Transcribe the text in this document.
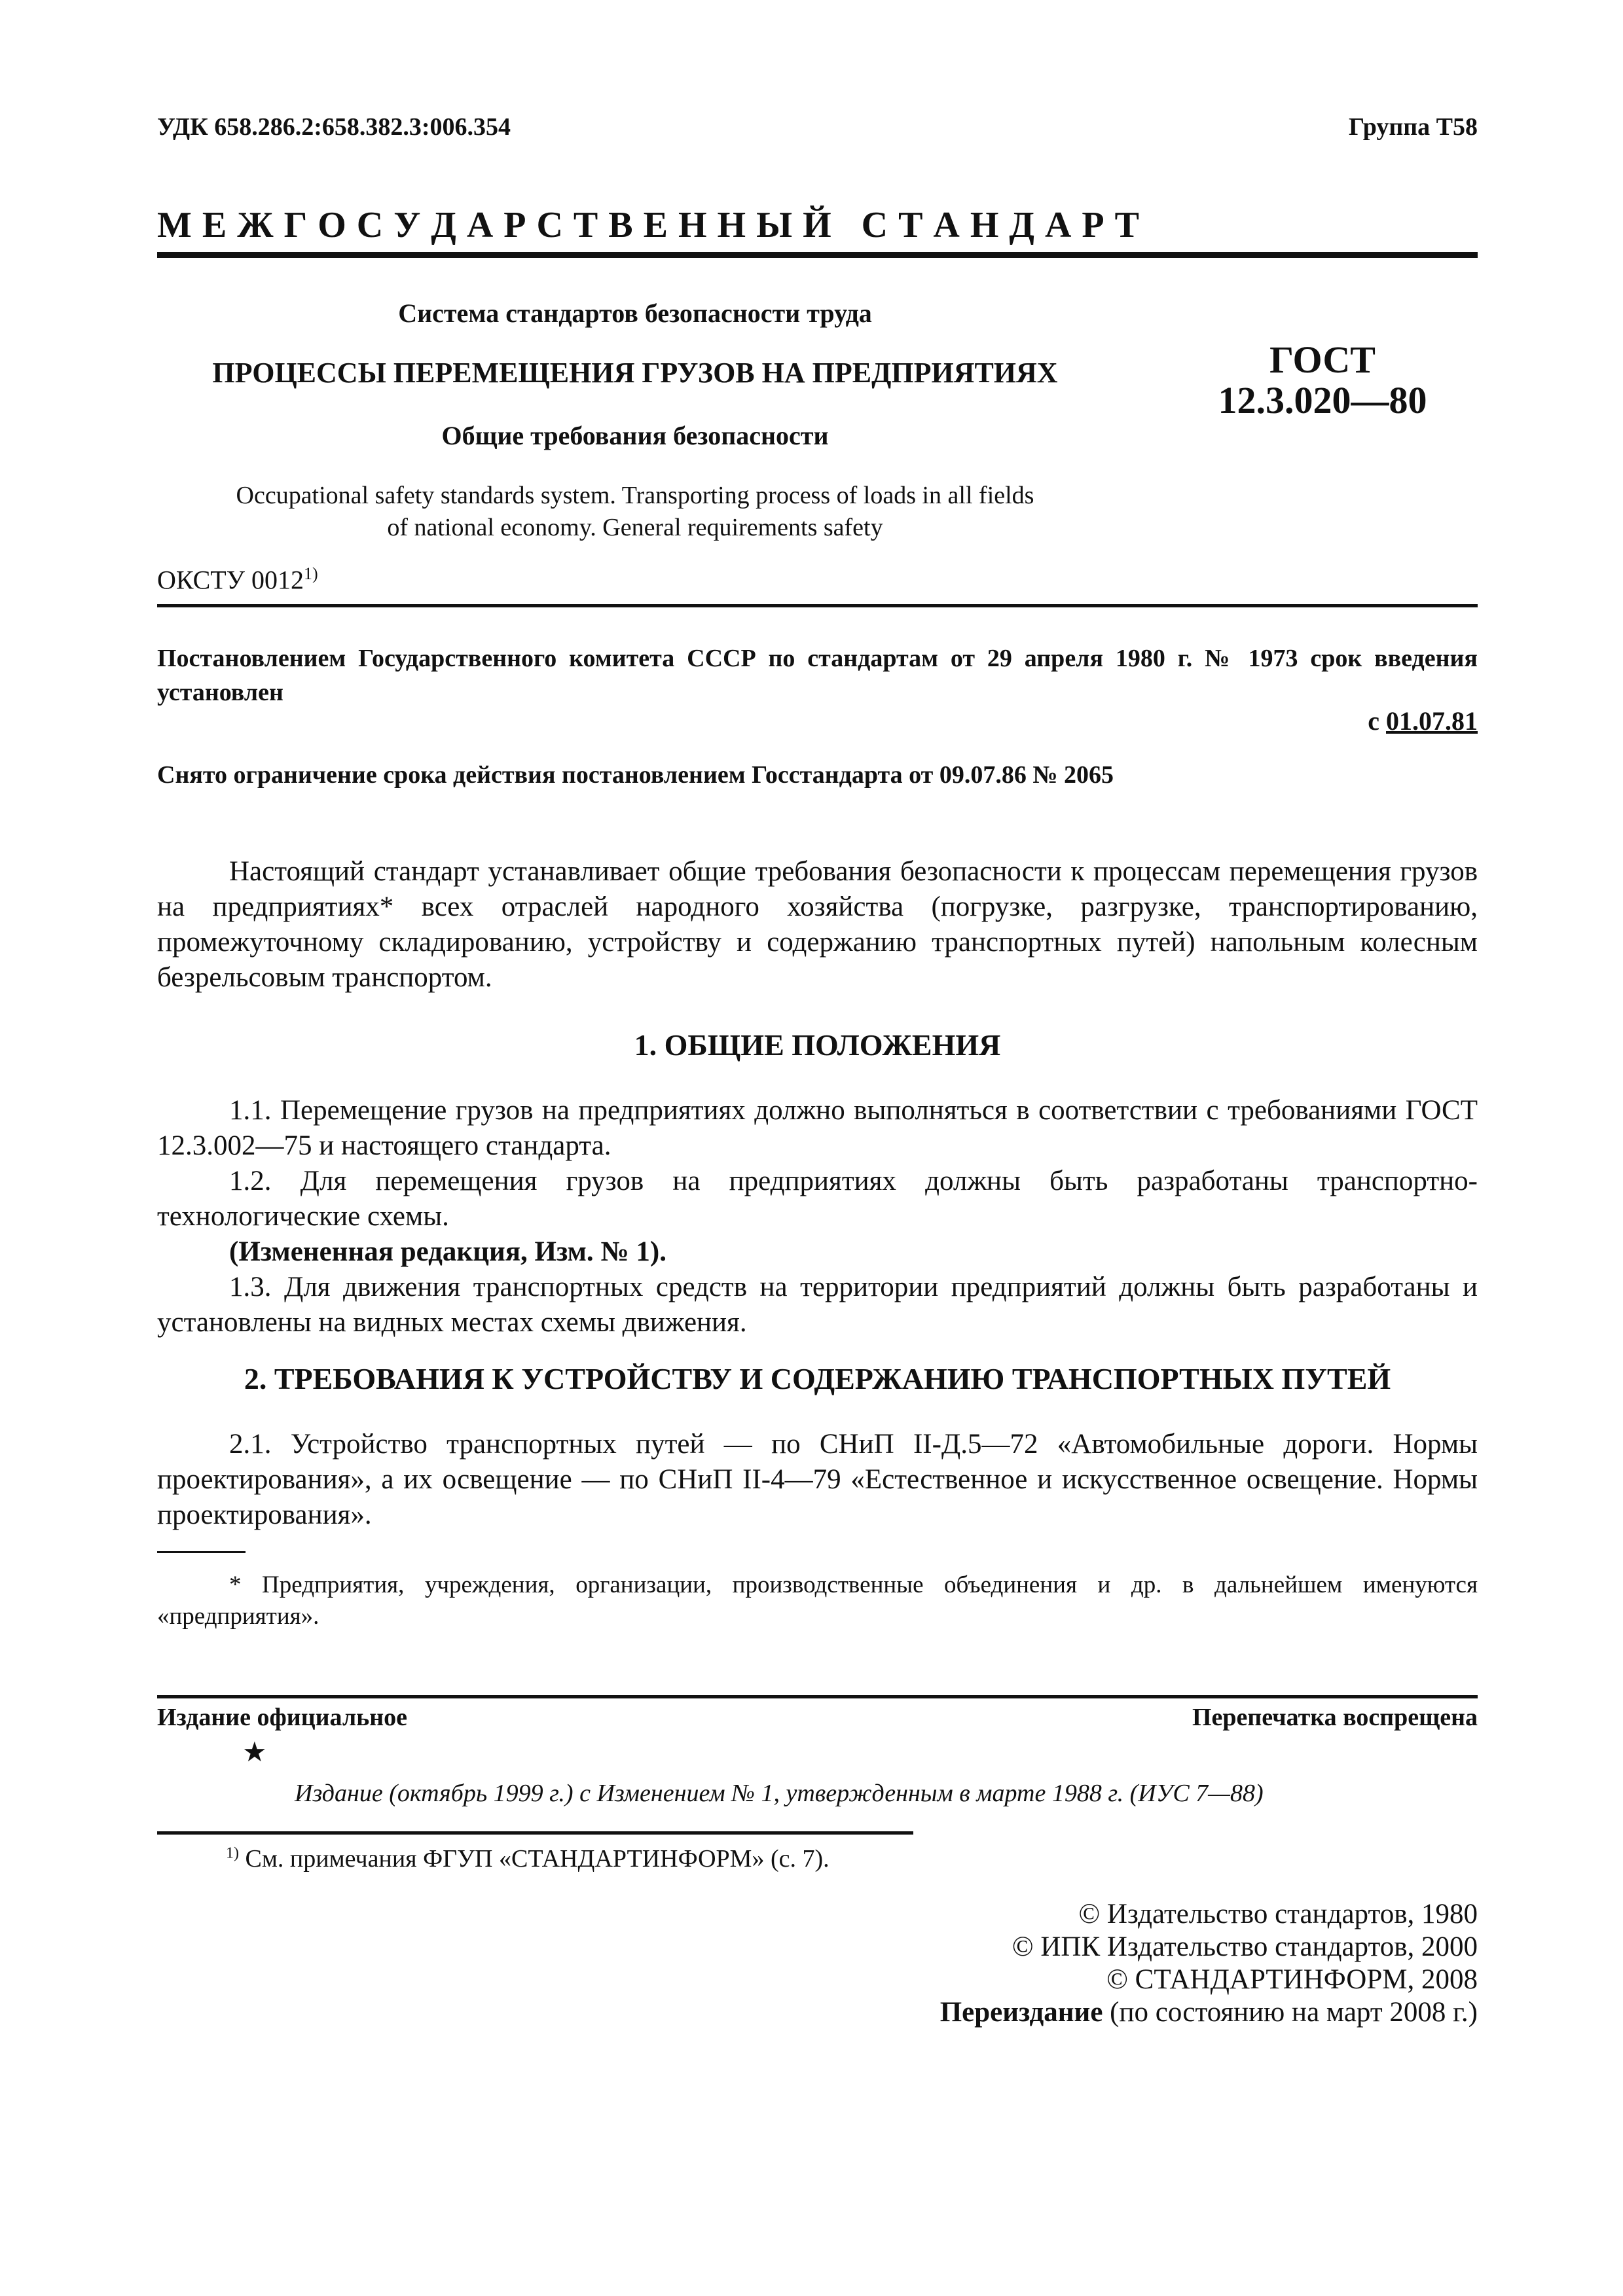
УДК 658.286.2:658.382.3:006.354	Группа Т58
М Е Ж Г О С У Д А Р С Т В Е Н Н Ы Й   С Т А Н Д А Р Т
Система стандартов безопасности труда
ПРОЦЕССЫ ПЕРЕМЕЩЕНИЯ ГРУЗОВ НА ПРЕДПРИЯТИЯХ
Общие требования безопасности
ГОСТ
12.3.020—80
Occupational safety standards system. Transporting process of loads in all fields
of national economy. General requirements safety
ОКСТУ 0012$^{1)}$
Постановлением Государственного комитета СССР по стандартам от 29 апреля 1980 г. № 1973 срок введения установлен
с 01.07.81
Снято ограничение срока действия постановлением Госстандарта от 09.07.86 № 2065
Настоящий стандарт устанавливает общие требования безопасности к процессам перемещения грузов на предприятиях* всех отраслей народного хозяйства (погрузке, разгрузке, транспортированию, промежуточному складированию, устройству и содержанию транспортных путей) напольным колесным безрельсовым транспортом.
1. ОБЩИЕ ПОЛОЖЕНИЯ
1.1. Перемещение грузов на предприятиях должно выполняться в соответствии с требованиями ГОСТ 12.3.002—75 и настоящего стандарта.
1.2. Для перемещения грузов на предприятиях должны быть разработаны транспортно-технологические схемы.
(Измененная редакция, Изм. № 1).
1.3. Для движения транспортных средств на территории предприятий должны быть разработаны и установлены на видных местах схемы движения.
2. ТРЕБОВАНИЯ К УСТРОЙСТВУ И СОДЕРЖАНИЮ ТРАНСПОРТНЫХ ПУТЕЙ
2.1. Устройство транспортных путей — по СНиП II-Д.5—72 «Автомобильные дороги. Нормы проектирования», а их освещение — по СНиП II-4—79 «Естественное и искусственное освещение. Нормы проектирования».
* Предприятия, учреждения, организации, производственные объединения и др. в дальнейшем именуются «предприятия».
Издание официальное	Перепечатка воспрещена
★
Издание (октябрь 1999 г.) с Изменением № 1, утвержденным в марте 1988 г. (ИУС 7—88)
$^{1)}$ См. примечания ФГУП «СТАНДАРТИНФОРМ» (с. 7).
© Издательство стандартов, 1980
© ИПК Издательство стандартов, 2000
© СТАНДАРТИНФОРМ, 2008
Переиздание (по состоянию на март 2008 г.)
